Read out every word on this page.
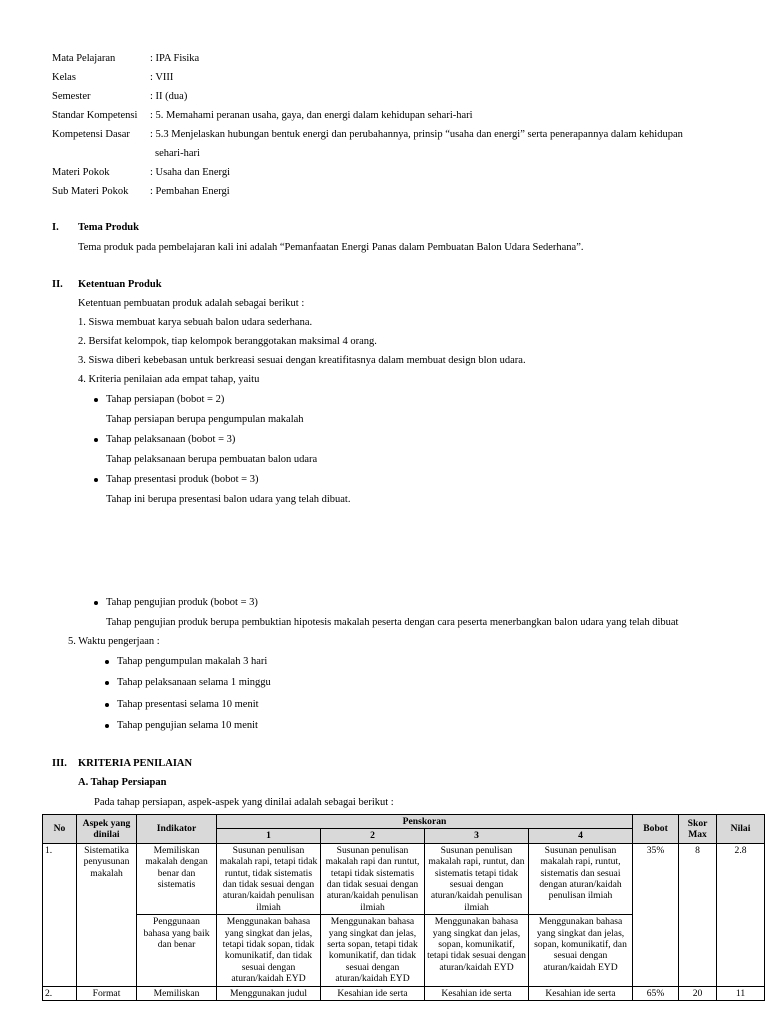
Mata Pelajaran	: IPA Fisika
Kelas	: VIII
Semester	: II (dua)
Standar Kompetensi	: 5. Memahami peranan usaha, gaya, dan energi dalam kehidupan sehari-hari
Kompetensi Dasar	: 5.3 Menjelaskan hubungan bentuk energi dan perubahannya, prinsip “usaha dan energi” serta penerapannya dalam kehidupan
sehari-hari
Materi Pokok	: Usaha dan Energi
Sub Materi Pokok	: Pembahan Energi
I. Tema Produk
Tema produk pada pembelajaran kali ini adalah “Pemanfaatan Energi Panas dalam Pembuatan Balon Udara Sederhana”.
II. Ketentuan Produk
Ketentuan pembuatan produk adalah sebagai berikut :
1. Siswa membuat karya sebuah balon udara sederhana.
2. Bersifat kelompok, tiap kelompok beranggotakan maksimal 4 orang.
3. Siswa diberi kebebasan untuk berkreasi sesuai dengan kreatifitasnya dalam membuat design blon udara.
4. Kriteria penilaian ada empat tahap, yaitu
Tahap persiapan (bobot = 2)
Tahap persiapan berupa pengumpulan makalah
Tahap pelaksanaan (bobot = 3)
Tahap pelaksanaan berupa pembuatan balon udara
Tahap presentasi produk (bobot = 3)
Tahap ini berupa presentasi balon udara yang telah dibuat.
Tahap pengujian produk (bobot = 3)
Tahap pengujian produk berupa pembuktian hipotesis makalah peserta dengan cara peserta menerbangkan balon udara yang telah dibuat
5. Waktu pengerjaan :
Tahap pengumpulan makalah 3 hari
Tahap pelaksanaan selama 1 minggu
Tahap presentasi selama 10 menit
Tahap pengujian selama 10 menit
III. KRITERIA PENILAIAN
A. Tahap Persiapan
Pada tahap persiapan, aspek-aspek yang dinilai adalah sebagai berikut :
No	Aspek yang dinilai	Indikator	Penskoran				Bobot	Skor Max	Nilai
			1	2	3	4			
1.	Sistematika penyusunan makalah	Memiliskan makalah dengan benar dan sistematis	Susunan penulisan makalah rapi, tetapi tidak runtut, tidak sistematis dan tidak sesuai dengan aturan/kaidah penulisan ilmiah	Susunan penulisan makalah rapi dan runtut, tetapi tidak sistematis dan tidak sesuai dengan aturan/kaidah penulisan ilmiah	Susunan penulisan makalah rapi, runtut, dan sistematis tetapi tidak sesuai dengan aturan/kaidah penulisan ilmiah	Susunan penulisan makalah rapi, runtut, sistematis dan sesuai dengan aturan/kaidah penulisan ilmiah	35%	8	2.8
		Penggunaan bahasa yang baik dan benar	Menggunakan bahasa yang singkat dan jelas, tetapi tidak sopan, tidak komunikatif, dan tidak sesuai dengan aturan/kaidah EYD	Menggunakan bahasa yang singkat dan jelas, serta sopan, tetapi tidak komunikatif, dan tidak sesuai dengan aturan/kaidah EYD	Menggunakan bahasa yang singkat dan jelas, sopan, komunikatif, tetapi tidak sesuai dengan aturan/kaidah EYD	Menggunakan bahasa yang singkat dan jelas, sopan, komunikatif, dan sesuai dengan aturan/kaidah EYD			
2.	Format	Memiliskan	Menggunakan judul	Kesahian ide serta	Kesahian ide serta	Kesahian ide serta	65%	20	11
